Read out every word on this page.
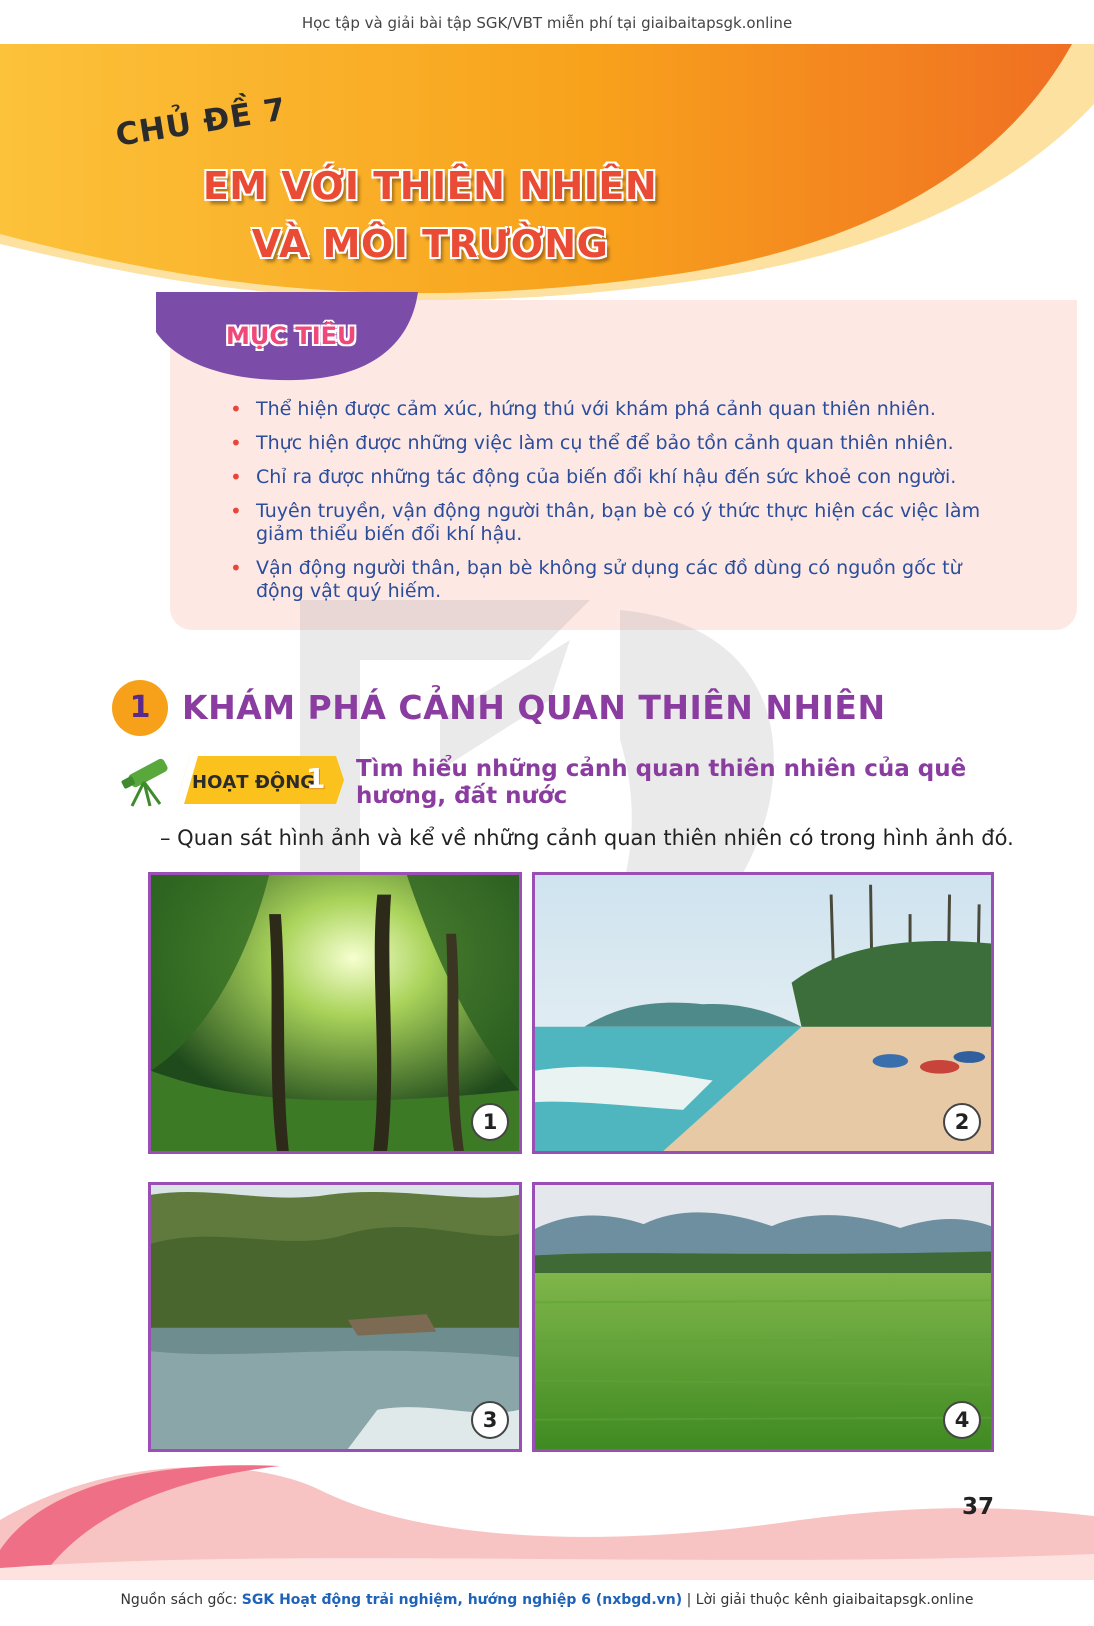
Học tập và giải bài tập SGK/VBT miễn phí tại giaibaitapsgk.online
CHỦ ĐỀ 7
EM VỚI THIÊN NHIÊN
VÀ MÔI TRƯỜNG
MỤC TIÊU
• Thể hiện được cảm xúc, hứng thú với khám phá cảnh quan thiên nhiên.
• Thực hiện được những việc làm cụ thể để bảo tồn cảnh quan thiên nhiên.
• Chỉ ra được những tác động của biến đổi khí hậu đến sức khoẻ con người.
• Tuyên truyền, vận động người thân, bạn bè có ý thức thực hiện các việc làm giảm thiểu biến đổi khí hậu.
• Vận động người thân, bạn bè không sử dụng các đồ dùng có nguồn gốc từ động vật quý hiếm.
1 KHÁM PHÁ CẢNH QUAN THIÊN NHIÊN
HOẠT ĐỘNG
1 Tìm hiểu những cảnh quan thiên nhiên của quê hương, đất nước
– Quan sát hình ảnh và kể về những cảnh quan thiên nhiên có trong hình ảnh đó.
1	2
3	4
37
Nguồn sách gốc: SGK Hoạt động trải nghiệm, hướng nghiệp 6 (nxbgd.vn) | Lời giải thuộc kênh giaibaitapsgk.online
